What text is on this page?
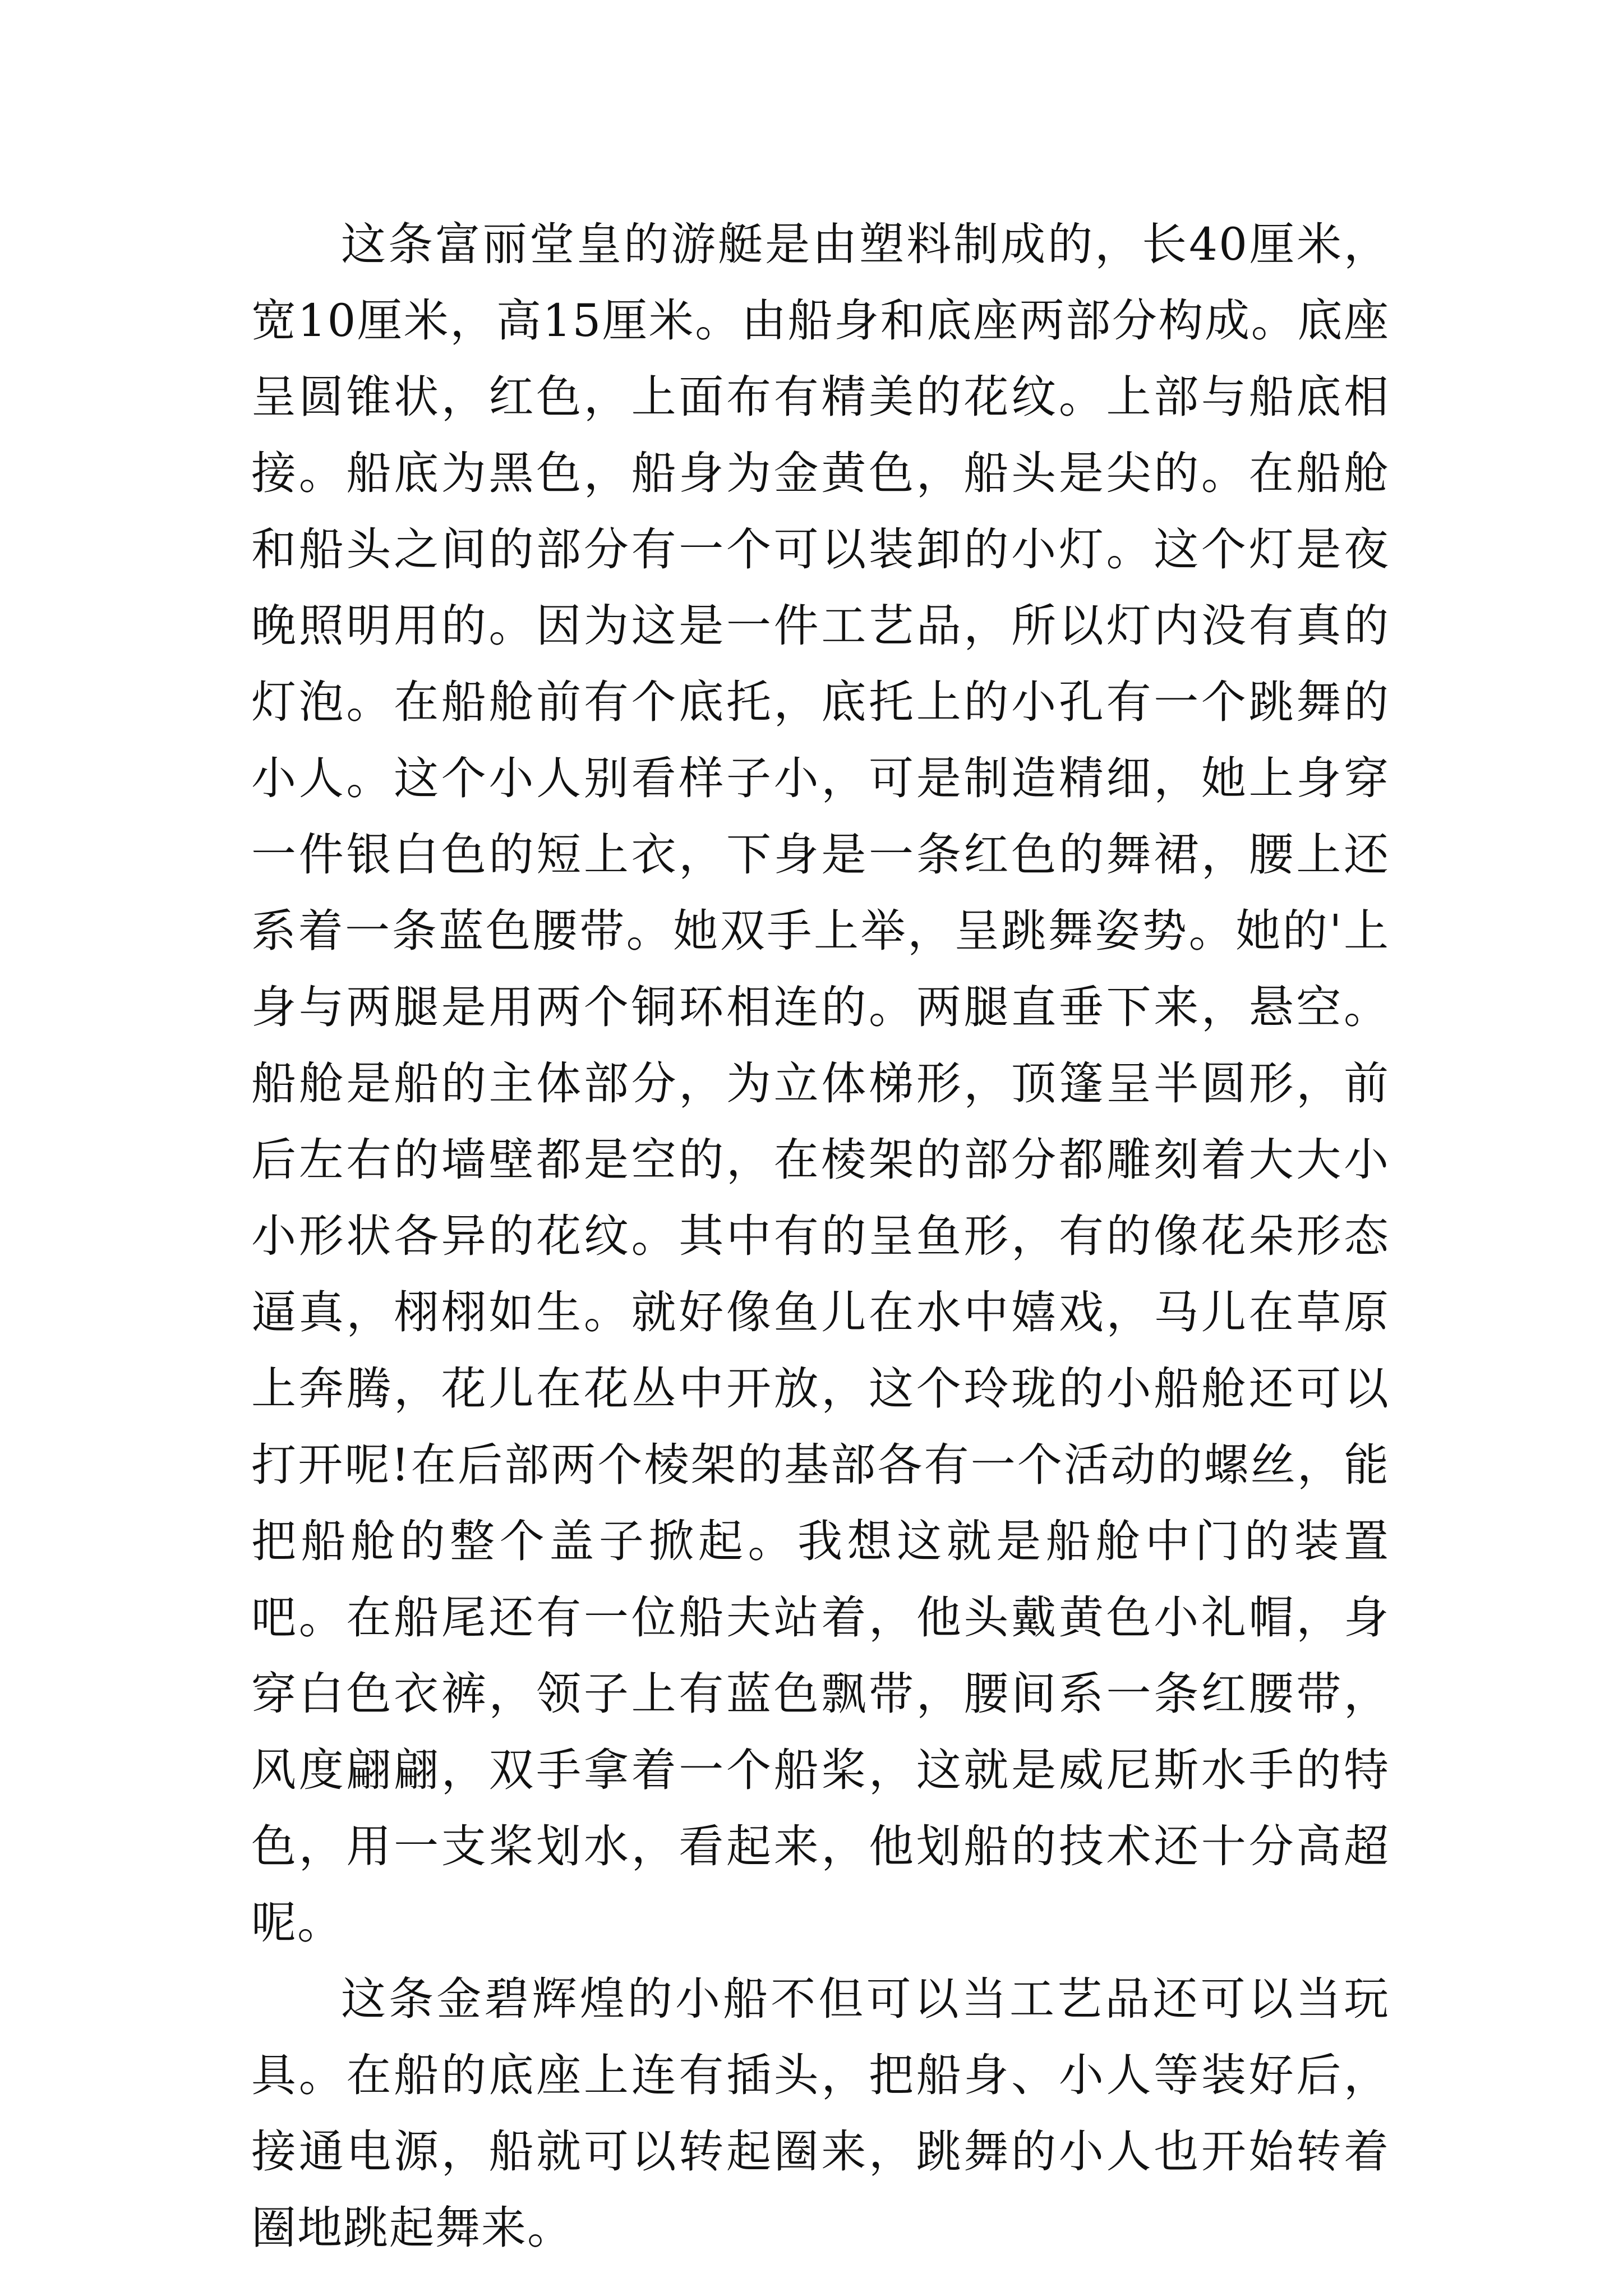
这条富丽堂皇的游艇是由塑料制成的，长40厘米，宽10厘米，高15厘米。由船身和底座两部分构成。底座呈圆锥状，红色，上面布有精美的花纹。上部与船底相接。船底为黑色，船身为金黄色，船头是尖的。在船舱和船头之间的部分有一个可以装卸的小灯。这个灯是夜晚照明用的。因为这是一件工艺品，所以灯内没有真的灯泡。在船舱前有个底托，底托上的小孔有一个跳舞的小人。这个小人别看样子小，可是制造精细，她上身穿一件银白色的短上衣，下身是一条红色的舞裙，腰上还系着一条蓝色腰带。她双手上举，呈跳舞姿势。她的'上身与两腿是用两个铜环相连的。两腿直垂下来，悬空。船舱是船的主体部分，为立体梯形，顶篷呈半圆形，前后左右的墙壁都是空的，在棱架的部分都雕刻着大大小小形状各异的花纹。其中有的呈鱼形，有的像花朵形态逼真，栩栩如生。就好像鱼儿在水中嬉戏，马儿在草原上奔腾，花儿在花丛中开放，这个玲珑的小船舱还可以打开呢!在后部两个棱架的基部各有一个活动的螺丝，能把船舱的整个盖子掀起。我想这就是船舱中门的装置吧。在船尾还有一位船夫站着，他头戴黄色小礼帽，身穿白色衣裤，领子上有蓝色飘带，腰间系一条红腰带，风度翩翩，双手拿着一个船桨，这就是威尼斯水手的特色，用一支桨划水，看起来，他划船的技术还十分高超呢。

这条金碧辉煌的小船不但可以当工艺品还可以当玩具。在船的底座上连有插头，把船身、小人等装好后，接通电源，船就可以转起圈来，跳舞的小人也开始转着圈地跳起舞来。
